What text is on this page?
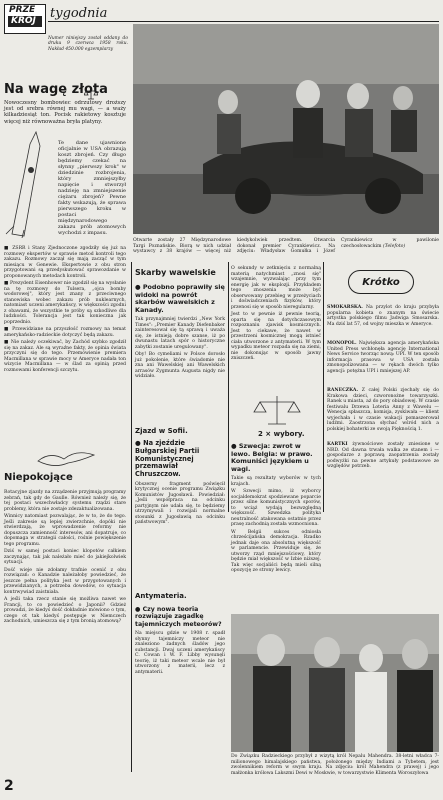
PRZE
KRÓJ	tygodnia

Numer niniejszy został oddany do druku 9 czerwca 1958 roku. Nakład 450.000 egzemplarzy

Na wagę złota

Nowoczesny bombowiec odrzutowy droższy jest od srebra równej mu wagi, — a waży kilkadziesiąt ton. Pocisk rakietowy kosztuje więcej niż równoważna bryła platyny.

Te dane ujawnione oficjalnie w USA obrazują koszt zbrojeń. Czy długo będziemy czekać na słynny „pierwszy krok" w dziedzinie rozbrojenia, który zmniejszyłby napięcie i stworzył nadzieję na zmniejszenie ciężaru zbrojeń? Pewne fakty wskazują, że sprawa pierwszego kroku w postaci międzynarodowego zakazu prób atomowych wychodzi z impasu.

■ ZSRR i Stany Zjednoczone zgodziły się już na rozmowy ekspertów w sprawie metod kontroli tego zakazu. Rozmowy zaczął się mają zacząć w tym miesiącu w Genewie. Ekspertowie z obu stron przygotowani są przedyskutować sprawozdanie w proponowanych metodach kontroli.

■ Prezydent Eisenhower nie zgodził się na wysłanie na tę rozmowy do Tulsera, „ojca bomby wodorowej", który jest znany z przeciwnego stanowiska wobec zakazu prób nuklearnych, natomiast uczeni amerykańscy, w większości zgodni z obawami, że wszystkie te próby są szkodliwe dla ludzkości. Tolerancja jest tak konieczna jak poprzednio.

■ Przewidziane na przyszłość rozmowy na temat amerykańsko-radzieckie dotyczyć będą zakazu.

■ Nie należy oczekiwać, by Zachód szybko zgodził się na zakaz. Ale są wyraźne fakty, że opinia świata przyczyni się do tego. Przemówienie premiera Macmillana w sprawie mocy w Ameryce nadała ton wizycie Macmillana — w ślad za opinią przed rozmowami konferencji szczytu.

Niepokojące

Rotacyjne zjazdy na zrządzenie przyjmują programy zebrań, tak gdy de Gaulle. Również należy się, że tej postaci wszechwładcy systemu rządzi stare problemy, która nie zostaje zdezaktualizowana.

Winnicy natomiast pozwalając, że w to, że do tego. Jeśli zakresie są lepiej zwierzchnie, dopóki nie stwierdzają, że wprowadzenie reformy nie dopuszcza zamienność interesów, ani dopatruje, co dopomaga w strategii całości, rośnie powiększenie tego programu.

Dziś w samej postaci koniec klopotów całkiem zaczynając, tak jak należało mieć do jakiejkolwiek sytuacji.

Dość wieje nie zdołamy trafnie ocenić z obu rozwiązań: o Kanadzie należałoby powiedzieć, że jeszcze pełna polityka jest w przygotowanych i przewidzianych, a potrzeba dowodów, co sytuacja kontrwywiad zaistniała.

A jeśli taka rzecz stanie się możliwa nawet we Francji, to co powiedzieć o Japonii? Gdzież prowadzi, że kiedyś dość dokładnie mówiono o tym, czego ot tak kiedyś postępuje w Niemczech zachodnich, umieszcza się z tym bronią atomową?

2

Otwarte zostały 27 Międzynarodowe Targi Poznańskie. Biorą w nich udział wystawcy z 38 krajów — więcej niż kiedykolwiek przedtem. Otwarcia dokonał premier Cyrankiewicz. Na zdjęciu: Władysław Gomułka i Józef Cyrankiewicz w pawilonie czechosłowackim (Telefoto)

Skarby wawelskie

● Podobno poprawiły się widoki na powrót skarbów wawelskich z Kanady.

Tak przynajmniej twierdzi „New York Times": „Premier Kanady Diefenbaker zainteresował się tą sprawą i uważa się, że istnieją dobre szanse, iż po dwunastu latach spór o historyczne zabytki zostanie uregulowany".

Oby! Bo cymeliami w Polsce dorosło już pokolenie, które świadomie nie zna ani Wawelskiej ani Wawelskich arrasów Zygmunta Augusta nigdy nie widziało.

Zjazd w Sofii.

● Na zjeździe Bułgarskiej Partii Komunistycznej przemawiał Chruszczow.

Obszerny fragment poświęcił krytycznej ocenie programu Związku Komunistów Jugosławii. Powiedział: „Jeśli współpraca na odcinku partyjnym nie udała się, to będziemy utrzymywali i rozwijali normalne stosunki z Jugosławią na odcinku państwowym".

Antymateria.

● Czy nowa teoria rozwiązuje zagadkę tajemniczych meteorów?

Na miejscu gdzie w 1908 r. spadł słynny tajemniczy meteor nie znaleziono żadnych śladów jego substancji. Dwaj uczeni amerykańscy C. Cowan i W. F. Libby wysunęli teorię, iż taki meteor wcale nie był utworzony z materii, lecz z antymaterii.

O sekundy w zetknięciu z normalną materią natychmiast „znosi się" wzajemnie, wyzwalając przy tym energię jak w eksplozji. Przykładem tego znoszenia może być obserwowany przebieg w przeżyciach i doświadczeniach fizyków, który przenosi się w sposób nieregularny.

Jest to w pewnie iż pewnie teorią, oparta się na dotychczasowym rozpoznaniu zjawisk kosmicznych. Jest to ciekawe, że nawet w przestrzeni kosmicznej mogą istnieć ciała utworzone z antymaterii. W tym wypadku meteor rozpada się na ziemi, nie dokonując w sposób jawny zniszczeń.

2 × wybory.

● Szwecja: zwrot w lewo. Belgia: w prawo. Komuniści językiem u wagi.

Takie są rezultaty wyborów w tych krajach.

W Szwecji mimo, iż wyborcy socjaldemokrat spodziewane poparcie przez silne komunistycznych sporów, to wciąż wydają bezwzględną większość. Szwedzka polityka neutralność atakowana ostatnio przez prasę zachodnią została wzmocniona.

W Belgii sukces odniosła chrześcijańska demokracja. Rzadko jednak daje ona absolutną większość w parlamencie. Przewiduje się, że utworzy rząd mniejszościowy, który będzie miał większość w Izbie niższej. Tak więc socjaliści będą mieli silną opozycję ze strony lewicy.

Krótko

SMOKARSKA. Na przylot do kraju przybyła popularna kobieta o znanym na świecie artystka polskiego filmu Jadwiga Smosarska. Ma dziś lat 57, od wojny mieszka w Ameryce.

MONOPOL. Największa agencja amerykańska United Press wchłonęła agencję International News Service tworząc nową: UPI. W ten sposób informacja prasowa w USA została zmonopolizowana — w rękach dwóch tylko agencji: potężna UPI i mniejszej AP.

RANECZKA. Z całej Polski zjechały się do Krakowa dzieci, czworonożne towarzyszki. Ranek u miasta, aż do pory obiadowej. W czasie festiwalu Drzewa Loteria Anny z Wawelu — Wenecja spłaszcza, komisja, zyskiwała — klient wyjechała i w czasie wakacji pomaszerował ludźmi. Zaostrzona słychać wśród nich a polskiej bohaterki ze swoją Pięknością 1.

KARTKI żywnościowe zostały zniesione w NRD. Od dawna trwała walka ze stanem i — gospodarze z poprawą zaopatrzenia zostały podwyżki na pewne artykuły podstawowe ze względów potrzeb.

Do Związku Radzieckiego przybył z wizytą król Nepalu Mahendra. 38-letni władca 7-milionowego himalajskiego państwa, położonego między Indiami a Tybetem, jest zwolennikiem reform w swym kraju. Na zdjęciu: król Mahendra (z prawej) i jego małżonka królowa Lakszmi Dewi w Moskwie, w towarzystwie Klimenta Woroszyłowa
